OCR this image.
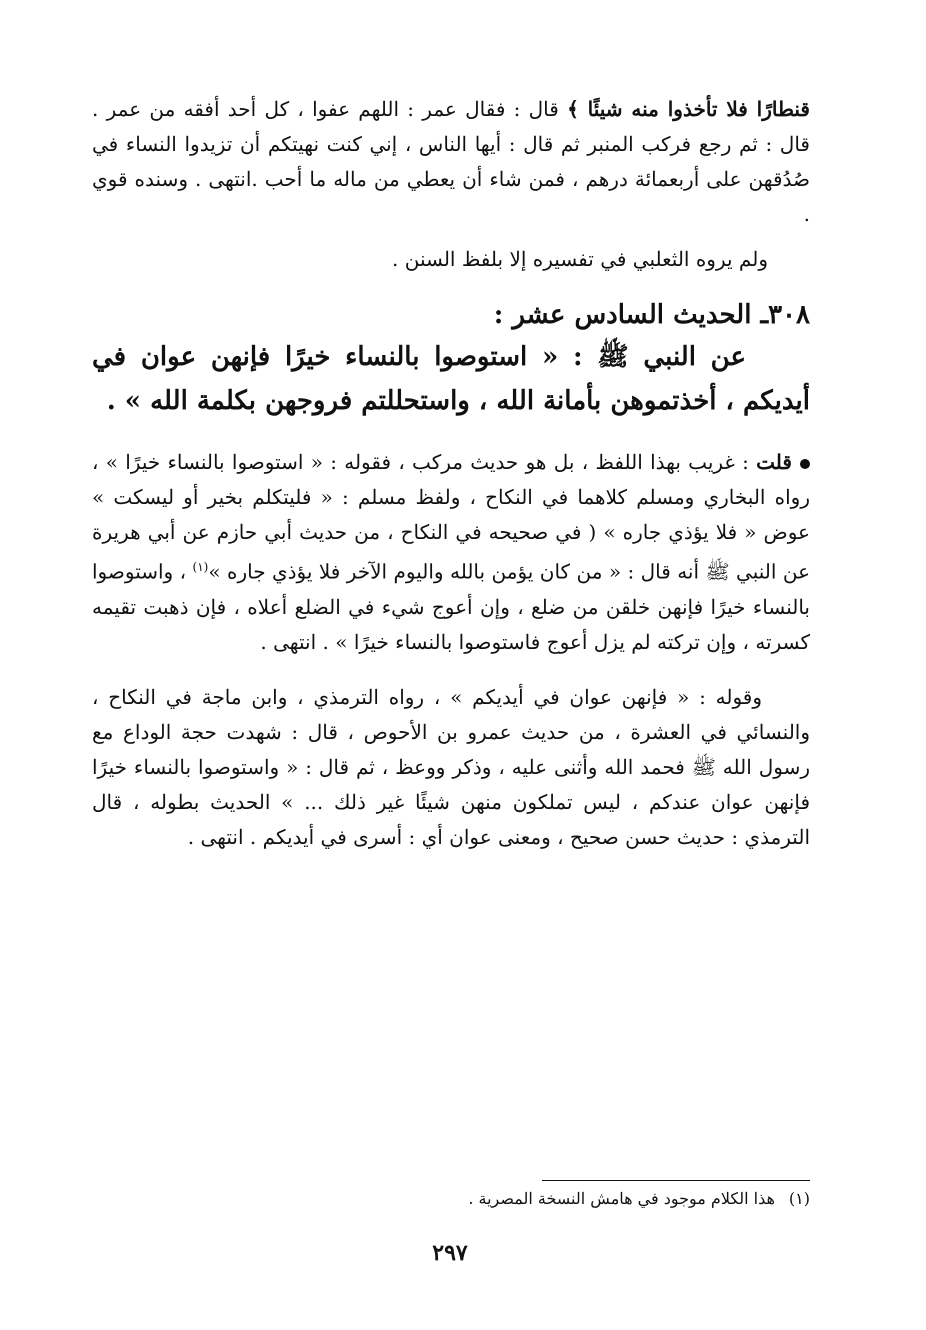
قنطارًا فلا تأخذوا منه شيئًا ﴾ قال : فقال عمر : اللهم عفوا ، كل أحد أفقه من عمر . قال : ثم رجع فركب المنبر ثم قال : أيها الناس ، إني كنت نهيتكم أن تزيدوا النساء في صُدُقهن على أربعمائة درهم ، فمن شاء أن يعطي من ماله ما أحب .انتهى . وسنده قوي .

ولم يروه الثعلبي في تفسيره إلا بلفظ السنن .

٣٠٨ـ الحديث السادس عشر :

عن النبي ﷺ : « استوصوا بالنساء خيرًا فإنهن عوان في أيديكم ، أخذتموهن بأمانة الله ، واستحللتم فروجهن بكلمة الله » .

قلت : غريب بهذا اللفظ ، بل هو حديث مركب ، فقوله : « استوصوا بالنساء خيرًا » ، رواه البخاري ومسلم كلاهما في النكاح ، ولفظ مسلم : « فليتكلم بخير أو ليسكت » عوض « فلا يؤذي جاره » ( في صحيحه في النكاح ، من حديث أبي حازم عن أبي هريرة عن النبي ﷺ أنه قال : « من كان يؤمن بالله واليوم الآخر فلا يؤذي جاره »$^{(١)}$ ، واستوصوا بالنساء خيرًا فإنهن خلقن من ضلع ، وإن أعوج شيء في الضلع أعلاه ، فإن ذهبت تقيمه كسرته ، وإن تركته لم يزل أعوج فاستوصوا بالنساء خيرًا » . انتهى .

وقوله : « فإنهن عوان في أيديكم » ، رواه الترمذي ، وابن ماجة في النكاح ، والنسائي في العشرة ، من حديث عمرو بن الأحوص ، قال : شهدت حجة الوداع مع رسول الله ﷺ فحمد الله وأثنى عليه ، وذكر ووعظ ، ثم قال : « واستوصوا بالنساء خيرًا فإنهن عوان عندكم ، ليس تملكون منهن شيئًا غير ذلك ... » الحديث بطوله ، قال الترمذي : حديث حسن صحيح ، ومعنى عوان أي : أسرى في أيديكم . انتهى .

(١)هذا الكلام موجود في هامش النسخة المصرية .
٢٩٧
